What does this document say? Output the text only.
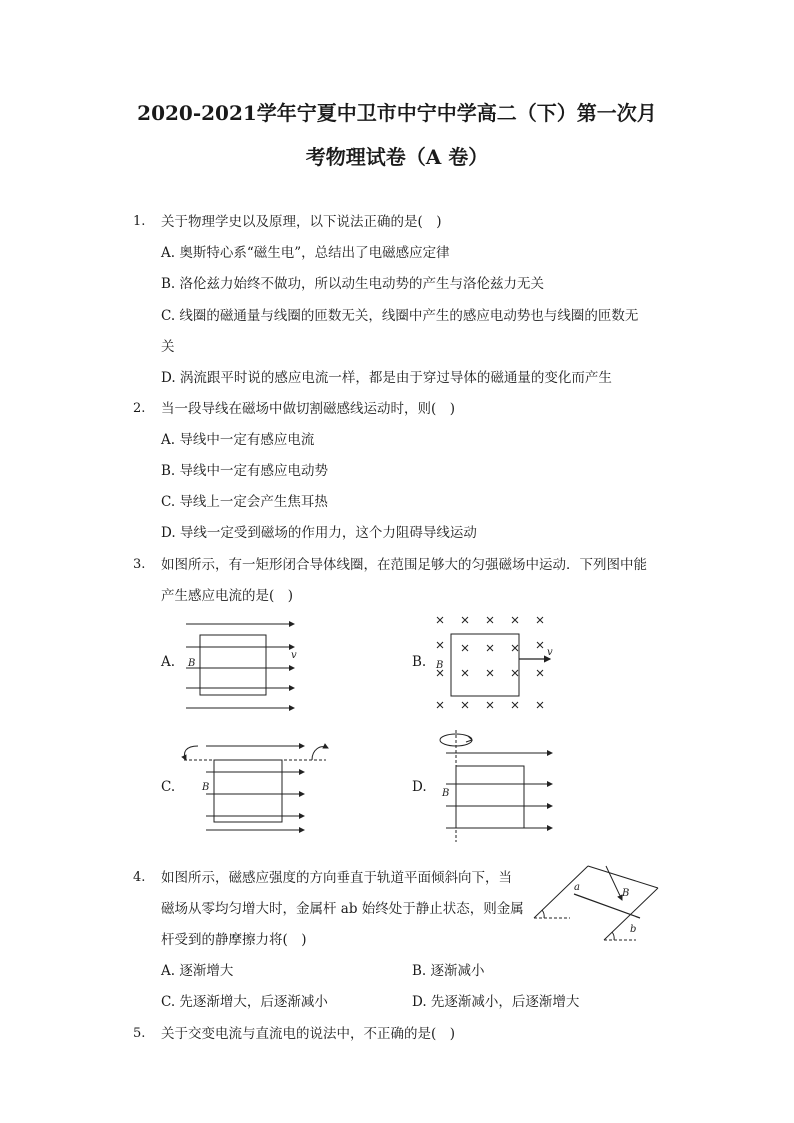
2020-2021学年宁夏中卫市中宁中学高二（下）第一次月
考物理试卷（A 卷）
1. 关于物理学史以及原理，以下说法正确的是(　)
A. 奥斯特心系“磁生电”，总结出了电磁感应定律
B. 洛伦兹力始终不做功，所以动生电动势的产生与洛伦兹力无关
C. 线圈的磁通量与线圈的匝数无关，线圈中产生的感应电动势也与线圈的匝数无
关
D. 涡流跟平时说的感应电流一样，都是由于穿过导体的磁通量的变化而产生
2. 当一段导线在磁场中做切割磁感线运动时，则(　)
A. 导线中一定有感应电流
B. 导线中一定有感应电动势
C. 导线上一定会产生焦耳热
D. 导线一定受到磁场的作用力，这个力阻碍导线运动
3. 如图所示，有一矩形闭合导体线圈，在范围足够大的匀强磁场中运动．下列图中能
产生感应电流的是(　)
A.	B.
C.	D.
B
v
B
v
B
B
4. 如图所示，磁感应强度的方向垂直于轨道平面倾斜向下，当
磁场从零均匀增大时，金属杆 ab 始终处于静止状态，则金属
杆受到的静摩擦力将(　)
a
b
B
A. 逐渐增大	B. 逐渐减小
C. 先逐渐增大，后逐渐减小	D. 先逐渐减小，后逐渐增大
5. 关于交变电流与直流电的说法中，不正确的是(　)
